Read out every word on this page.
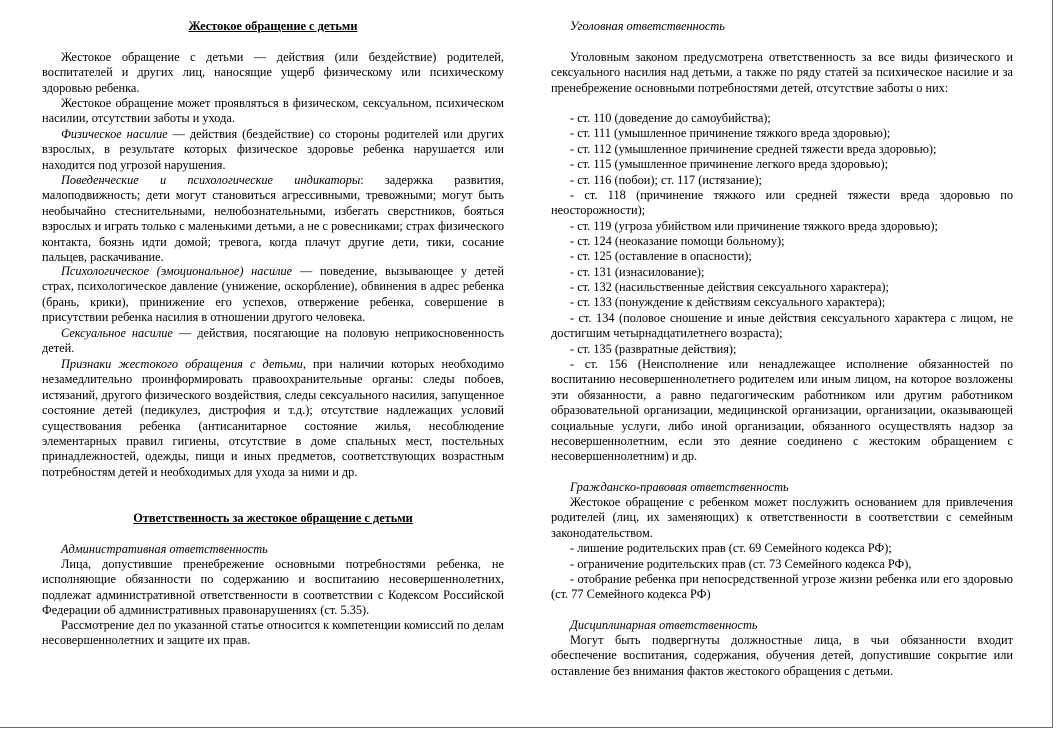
Жестокое обращение с детьми

Жестокое обращение с детьми — действия (или бездействие) родителей, воспитателей и других лиц, наносящие ущерб физическому или психическому здоровью ребенка.

Жестокое обращение может проявляться в физическом, сексуальном, психическом насилии, отсутствии заботы и ухода.

Физическое насилие — действия (бездействие) со стороны родителей или других взрослых, в результате которых физическое здоровье ребенка нарушается или находится под угрозой нарушения.

Поведенческие и психологические индикаторы: задержка развития, малоподвижность; дети могут становиться агрессивными, тревожными; могут быть необычайно стеснительными, нелюбознательными, избегать сверстников, бояться взрослых и играть только с маленькими детьми, а не с ровесниками; страх физического контакта, боязнь идти домой; тревога, когда плачут другие дети, тики, сосание пальцев, раскачивание.

Психологическое (эмоциональное) насилие — поведение, вызывающее у детей страх, психологическое давление (унижение, оскорбление), обвинения в адрес ребенка (брань, крики), принижение его успехов, отвержение ребенка, совершение в присутствии ребенка насилия в отношении другого человека.

Сексуальное насилие — действия, посягающие на половую неприкосновенность детей.

Признаки жестокого обращения с детьми, при наличии которых необходимо незамедлительно проинформировать правоохранительные органы: следы побоев, истязаний, другого физического воздействия, следы сексуального насилия, запущенное состояние детей (педикулез, дистрофия и т.д.); отсутствие надлежащих условий существования ребенка (антисанитарное состояние жилья, несоблюдение элементарных правил гигиены, отсутствие в доме спальных мест, постельных принадлежностей, одежды, пищи и иных предметов, соответствующих возрастным потребностям детей и необходимых для ухода за ними и др.

Ответственность за жестокое обращение с детьми

Административная ответственность

Лица, допустившие пренебрежение основными потребностями ребенка, не исполняющие обязанности по содержанию и воспитанию несовершеннолетних, подлежат административной ответственности в соответствии с Кодексом Российской Федерации об административных правонарушениях (ст. 5.35).

Рассмотрение дел по указанной статье относится к компетенции комиссий по делам несовершеннолетних и защите их прав.

Уголовная ответственность

Уголовным законом предусмотрена ответственность за все виды физического и сексуального насилия над детьми, а также по ряду статей за психическое насилие и за пренебрежение основными потребностями детей, отсутствие заботы о них:

- ст. 110 (доведение до самоубийства);

- ст. 111 (умышленное причинение тяжкого вреда здоровью);

- ст. 112 (умышленное причинение средней тяжести вреда здоровью);

- ст. 115 (умышленное причинение легкого вреда здоровью);

- ст. 116 (побои); ст. 117 (истязание);

- ст. 118 (причинение тяжкого или средней тяжести вреда здоровью по неосторожности);

- ст. 119 (угроза убийством или причинение тяжкого вреда здоровью);

- ст. 124 (неоказание помощи больному);

- ст. 125 (оставление в опасности);

- ст. 131 (изнасилование);

- ст. 132 (насильственные действия сексуального характера);

- ст. 133 (понуждение к действиям сексуального характера);

- ст. 134 (половое сношение и иные действия сексуального характера с лицом, не достигшим четырнадцатилетнего возраста);

- ст. 135 (развратные действия);

- ст. 156 (Неисполнение или ненадлежащее исполнение обязанностей по воспитанию несовершеннолетнего родителем или иным лицом, на которое возложены эти обязанности, а равно педагогическим работником или другим работником образовательной организации, медицинской организации, организации, оказывающей социальные услуги, либо иной организации, обязанного осуществлять надзор за несовершеннолетним, если это деяние соединено с жестоким обращением с несовершеннолетним) и др.

Гражданско-правовая ответственность

Жестокое обращение с ребенком может послужить основанием для привлечения родителей (лиц, их заменяющих) к ответственности в соответствии с семейным законодательством.

- лишение родительских прав (ст. 69 Семейного кодекса РФ);

- ограничение родительских прав (ст. 73 Семейного кодекса РФ),

- отобрание ребенка при непосредственной угрозе жизни ребенка или его здоровью (ст. 77 Семейного кодекса РФ)

Дисциплинарная ответственность

Могут быть подвергнуты должностные лица, в чьи обязанности входит обеспечение воспитания, содержания, обучения детей, допустившие сокрытие или оставление без внимания фактов жестокого обращения с детьми.
